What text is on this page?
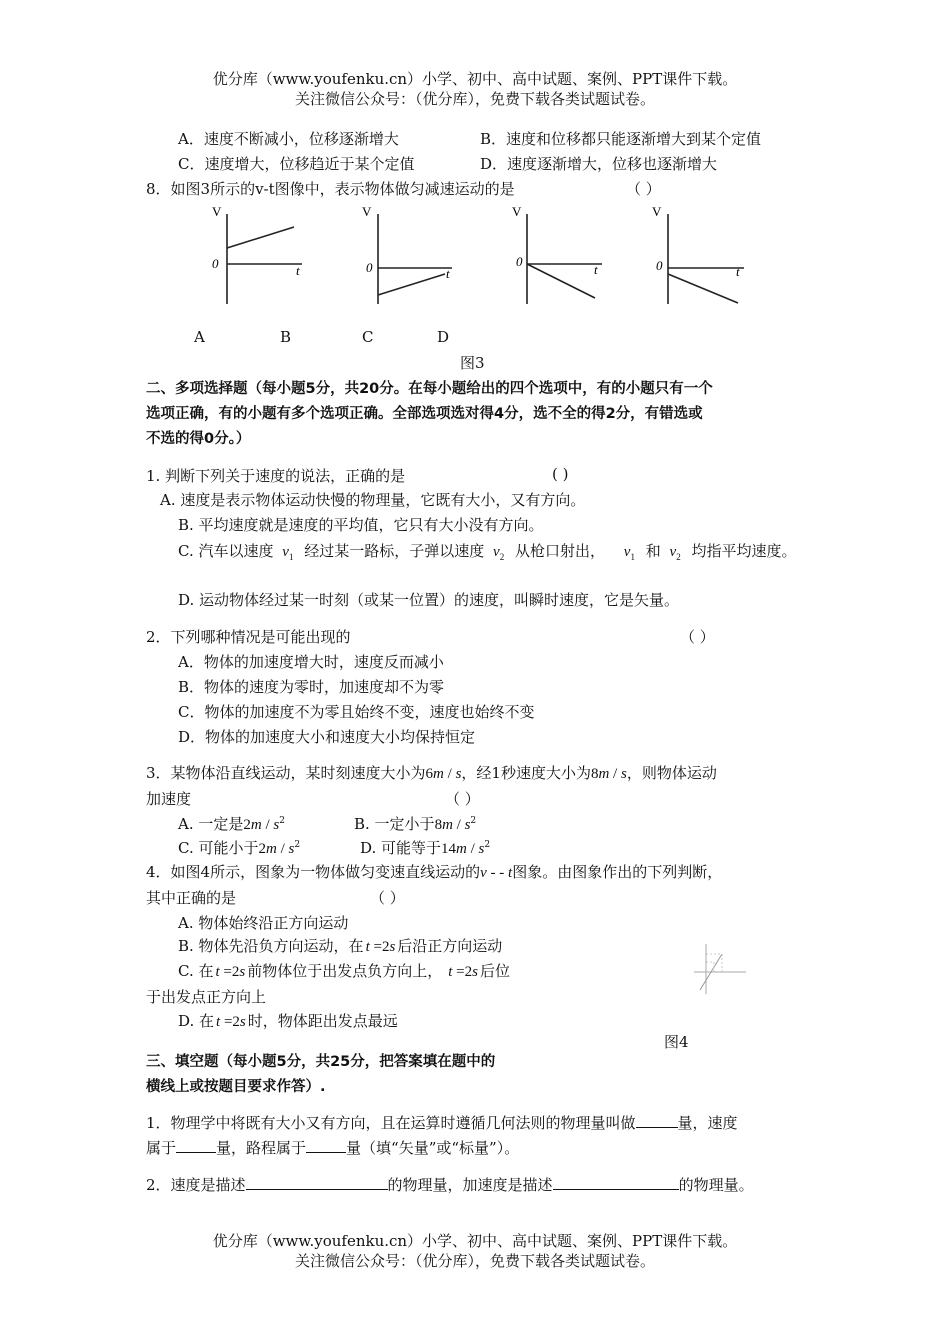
优分库（www.youfenku.cn）小学、初中、高中试题、案例、PPT课件下载。
关注微信公众号：（优分库），免费下载各类试题试卷。
A．速度不断减小，位移逐渐增大	B．速度和位移都只能逐渐增大到某个定值
C．速度增大，位移趋近于某个定值	D．速度逐渐增大，位移也逐渐增大
8．如图3所示的v-t图像中，表示物体做匀减速运动的是	（ ）
V
0	t
V
0	t
V
0
t
V
0	t
A	B	C	D
图3
二、多项选择题（每小题5分，共20分。在每小题给出的四个选项中，有的小题只有一个
选项正确，有的小题有多个选项正确。全部选项选对得4分，选不全的得2分，有错选或
不选的得0分。）
1. 判断下列关于速度的说法，正确的是	( )
A. 速度是表示物体运动快慢的物理量，它既有大小，又有方向。
B. 平均速度就是速度的平均值，它只有大小没有方向。
C. 汽车以速度 $v_1$ 经过某一路标，子弹以速度 $v_2$ 从枪口射出， $v_1$ 和 $v_2$ 均指平均速度。
D. 运动物体经过某一时刻（或某一位置）的速度，叫瞬时速度，它是矢量。
2．下列哪种情况是可能出现的	（ ）
A．物体的加速度增大时，速度反而减小
B．物体的速度为零时，加速度却不为零
C．物体的加速度不为零且始终不变，速度也始终不变
D．物体的加速度大小和速度大小均保持恒定
3．某物体沿直线运动，某时刻速度大小为6m / s，经1秒速度大小为8m / s，则物体运动
加速度	（ ）
A. 一定是$2m / s^2$	B. 一定小于$8m / s^2$
C. 可能小于$2m / s^2$	D. 可能等于$14m / s^2$
4．如图4所示，图象为一物体做匀变速直线运动的v - - t图象。由图象作出的下列判断，
其中正确的是	（ ）
A. 物体始终沿正方向运动
B. 物体先沿负方向运动，在 t =2s 后沿正方向运动
C. 在 t =2s 前物体位于出发点负方向上， t =2s 后位
于出发点正方向上
D. 在 t =2s 时，物体距出发点最远
图4
三、填空题（每小题5分，共25分，把答案填在题中的
横线上或按题目要求作答）.
1．物理学中将既有大小又有方向，且在运算时遵循几何法则的物理量叫做	量，速度
属于	量，路程属于	量（填“矢量”或“标量”）。
2．速度是描述	的物理量，加速度是描述	的物理量。
优分库（www.youfenku.cn）小学、初中、高中试题、案例、PPT课件下载。
关注微信公众号：（优分库），免费下载各类试题试卷。
